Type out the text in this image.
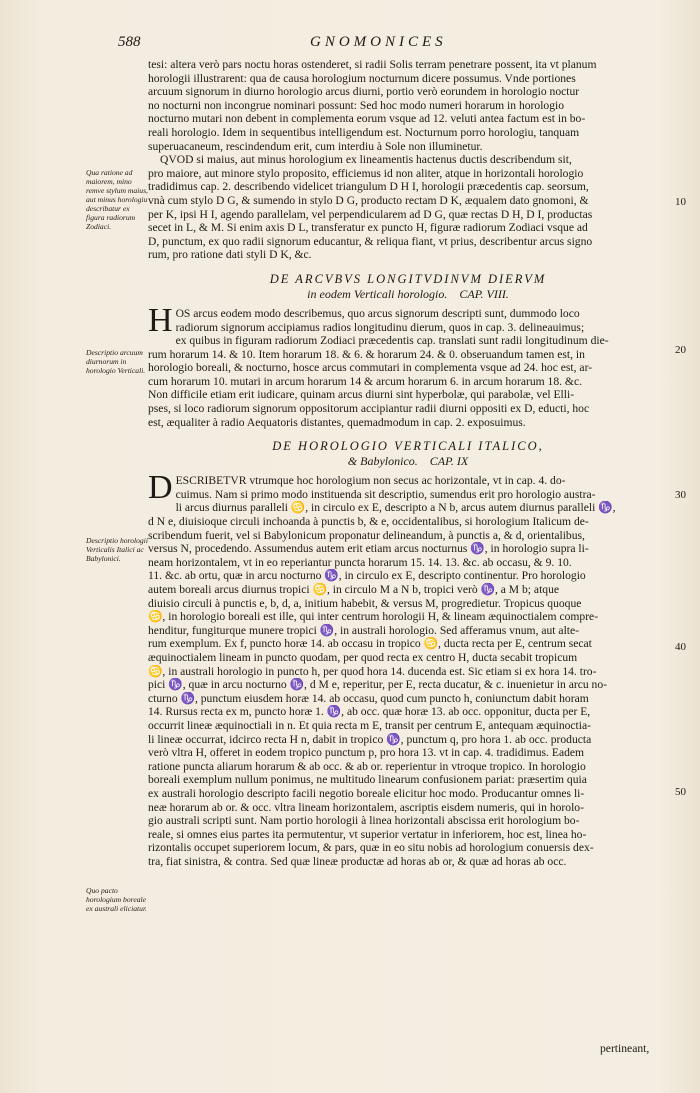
588	GNOMONICES
tesi: altera verò pars noctu horas ostenderet, si radii Solis terram penetrare possent, ita vt planum
horologii illustrarent: qua de causa horologium nocturnum dicere possumus. Vnde portiones
arcuum signorum in diurno horologio arcus diurni, portio verò eorundem in horologio noctur
no nocturni non incongrue nominari possunt: Sed hoc modo numeri horarum in horologio
nocturno mutari non debent in complementa eorum vsque ad 12. veluti antea factum est in bo-
reali horologio. Idem in sequentibus intelligendum est. Nocturnum porro horologiu, tanquam
superuacaneum, rescindendum erit, cum interdiu à Sole non illuminetur.
QVOD si maius, aut minus horologium ex lineamentis hactenus ductis describendum sit,
pro maiore, aut minore stylo proposito, efficiemus id non aliter, atque in horizontali horologio
tradidimus cap. 2. describendo videlicet triangulum D H I, horologii præcedentis cap. seorsum,
vnà cum stylo D G, & sumendo in stylo D G, producto rectam D K, æqualem dato gnomoni, &
per K, ipsi H I, agendo parallelam, vel perpendicularem ad D G, quæ rectas D H, D I, productas
secet in L, & M. Si enim axis D L, transferatur ex puncto H, figuræ radiorum Zodiaci vsque ad
D, punctum, ex quo radii signorum educantur, & reliqua fiant, vt prius, describentur arcus signo
rum, pro ratione dati styli D K, &c.
DE ARCVBVS LONGITVDINVM DIERVM
in eodem Verticali horologio. CAP. VIII.
H OS arcus eodem modo describemus, quo arcus signorum descripti sunt, dummodo loco
radiorum signorum accipiamus radios longitudinu dierum, quos in cap. 3. delineauimus;
ex quibus in figuram radiorum Zodiaci præcedentis cap. translati sunt radii longitudinum die-
rum horarum 14. & 10. Item horarum 18. & 6. & horarum 24. & 0. obseruandum tamen est, in
horologio boreali, & nocturno, hosce arcus commutari in complementa vsque ad 24. hoc est, ar-
cum horarum 10. mutari in arcum horarum 14 & arcum horarum 6. in arcum horarum 18. &c.
Non difficile etiam erit iudicare, quinam arcus diurni sint hyperbolæ, qui parabolæ, vel Elli-
pses, si loco radiorum signorum oppositorum accipiantur radii diurni oppositi ex D, educti, hoc
est, æqualiter à radio Aequatoris distantes, quemadmodum in cap. 2. exposuimus.
DE HOROLOGIO VERTICALI ITALICO,
& Babylonico. CAP. IX
D ESCRIBETVR vtrumque hoc horologium non secus ac horizontale, vt in cap. 4. do-
cuimus. Nam si primo modo instituenda sit descriptio, sumendus erit pro horologio austra-
li arcus diurnus paralleli ♋, in circulo ex E, descripto a N b, arcus autem diurnus paralleli ♑,
d N e, diuisioque circuli inchoanda à punctis b, & e, occidentalibus, si horologium Italicum de-
scribendum fuerit, vel si Babylonicum proponatur delineandum, à punctis a, & d, orientalibus,
versus N, procedendo. Assumendus autem erit etiam arcus nocturnus ♑, in horologio supra li-
neam horizontalem, vt in eo reperiantur puncta horarum 15. 14. 13. &c. ab occasu, & 9. 10.
11. &c. ab ortu, quæ in arcu nocturno ♑, in circulo ex E, descripto continentur. Pro horologio
autem boreali arcus diurnus tropici ♋, in circulo M a N b, tropici verò ♑, a M b; atque
diuisio circuli à punctis e, b, d, a, initium habebit, & versus M, progredietur. Tropicus quoque
♋, in horologio boreali est ille, qui inter centrum horologii H, & lineam æquinoctialem compre-
henditur, fungiturque munere tropici ♑, in australi horologio. Sed afferamus vnum, aut alte-
rum exemplum. Ex f, puncto horæ 14. ab occasu in tropico ♋, ducta recta per E, centrum secat
æquinoctialem lineam in puncto quodam, per quod recta ex centro H, ducta secabit tropicum
♋, in australi horologio in puncto h, per quod hora 14. ducenda est. Sic etiam si ex hora 14. tro-
pici ♑, quæ in arcu nocturno ♑, d M e, reperitur, per E, recta ducatur, & c. inuenietur in arcu no-
cturno ♑, punctum eiusdem horæ 14. ab occasu, quod cum puncto h, coniunctum dabit horam
14. Rursus recta ex m, puncto horæ 1. ♑, ab occ. quæ horæ 13. ab occ. opponitur, ducta per E,
occurrit lineæ æquinoctiali in n. Et quia recta m E, transit per centrum E, antequam æquinoctia-
li lineæ occurrat, idcirco recta H n, dabit in tropico ♑, punctum q, pro hora 1. ab occ. producta
verò vltra H, offeret in eodem tropico punctum p, pro hora 13. vt in cap. 4. tradidimus. Eadem
ratione puncta aliarum horarum & ab occ. & ab or. reperientur in vtroque tropico. In horologio
boreali exemplum nullum ponimus, ne multitudo linearum confusionem pariat: præsertim quia
ex australi horologio descripto facili negotio boreale elicitur hoc modo. Producantur omnes li-
neæ horarum ab or. & occ. vltra lineam horizontalem, ascriptis eisdem numeris, qui in horolo-
gio australi scripti sunt. Nam portio horologii à linea horizontali abscissa erit horologium bo-
reale, si omnes eius partes ita permutentur, vt superior vertatur in inferiorem, hoc est, linea ho-
rizontalis occupet superiorem locum, & pars, quæ in eo situ nobis ad horologium conuersis dex-
tra, fiat sinistra, & contra. Sed quæ lineæ productæ ad horas ab or, & quæ ad horas ab occ.
Qua ratione ad maiorem, mino remve stylum maius, aut minus horologiu describatur ex figura radiorum Zodiaci.
Descriptio arcuum diurnorum in horologio Verticali.
Descriptio horologii Verticalis Italici ac Babylonici.
Quo pacto horologium boreale ex australi eliciatur.
10
20
30
40
50
pertineant,
